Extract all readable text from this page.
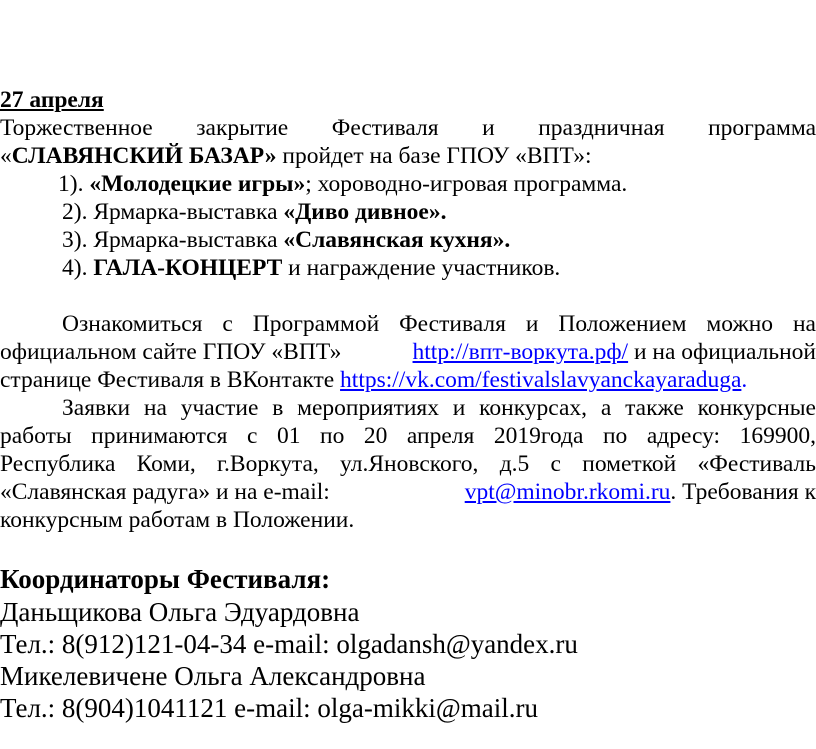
27 апреля
Торжественное закрытие Фестиваля и праздничная программа
«СЛАВЯНСКИЙ БАЗАР» пройдет на базе ГПОУ «ВПТ»:
1). «Молодецкие игры»; хороводно-игровая программа.
2). Ярмарка-выставка «Диво дивное».
3). Ярмарка-выставка «Славянская кухня».
4). ГАЛА-КОНЦЕРТ и награждение участников.
Ознакомиться с Программой Фестиваля и Положением можно на
официальном сайте ГПОУ «ВПТ»	http://впт-воркута.рф/ и на официальной
странице Фестиваля в ВКонтакте https://vk.com/festivalslavyanckayaraduga.
Заявки на участие в мероприятиях и конкурсах, а также конкурсные
работы принимаются с 01 по 20 апреля 2019года по адресу: 169900,
Республика Коми, г.Воркута, ул.Яновского, д.5 с пометкой «Фестиваль
«Славянская радуга» и на e-mail:	vpt@minobr.rkomi.ru. Требования к
конкурсным работам в Положении.
Координаторы Фестиваля:
Даньщикова Ольга Эдуардовна
Тел.: 8(912)121-04-34 e-mail: olgadansh@yandex.ru
Микелевичене Ольга Александровна
Тел.: 8(904)1041121 e-mail: olga-mikki@mail.ru
